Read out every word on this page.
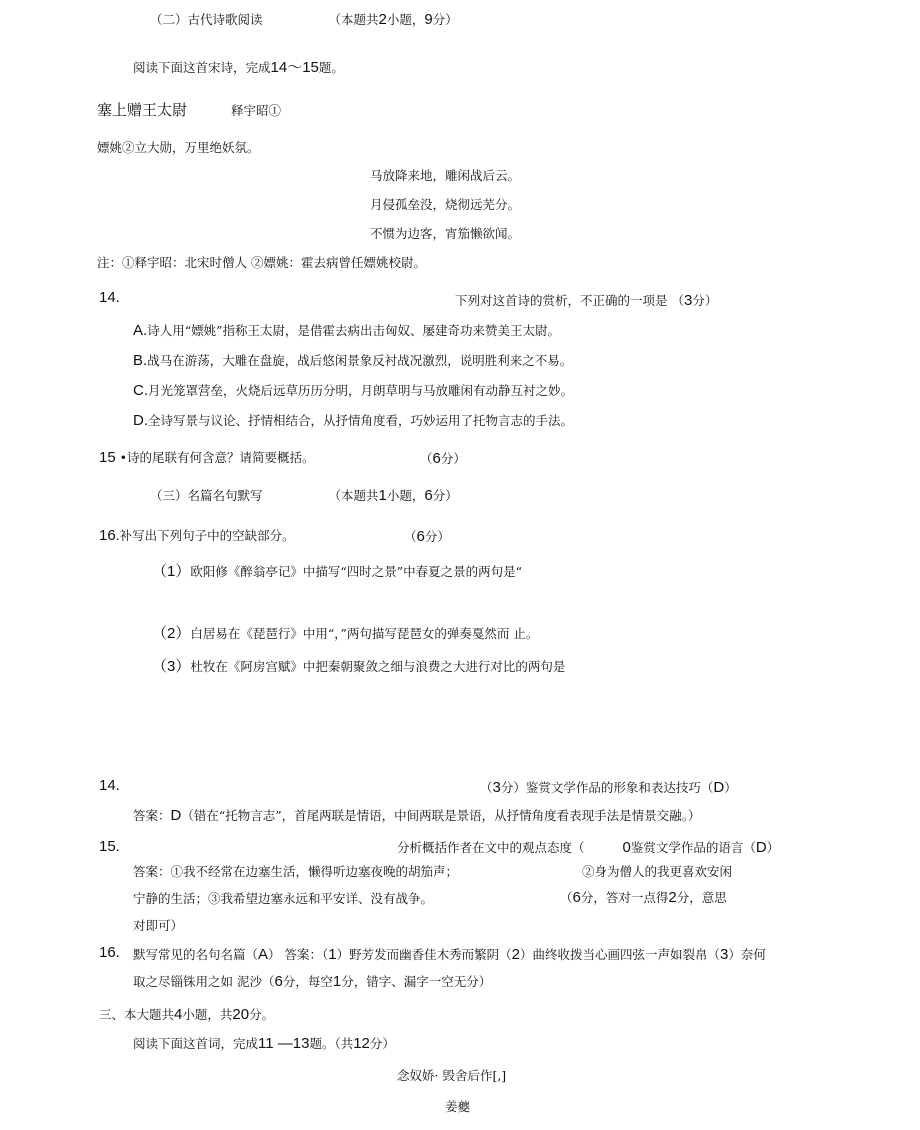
（二）古代诗歌阅读	（本题共2小题，9分）
阅读下面这首宋诗，完成14〜15题。
塞上赠王太尉	释宇昭①
嫖姚②立大勋，万里绝妖氛。
马放降来地，雕闲战后云。
月侵孤垒没，烧彻远芜分。
不惯为边客，宵笳懒欲闻。
注：①释宇昭：北宋时僧人 ②嫖姚：霍去病曾任嫖姚校尉。
14.	下列对这首诗的赏析，不正确的一项是 （3分）
A.诗人用“嫖姚”指称王太尉，是借霍去病出击匈奴、屡建奇功来赞美王太尉。
B.战马在游荡，大雕在盘旋，战后悠闲景象反衬战况激烈，说明胜利来之不易。
C.月光笼罩营垒，火烧后远草历历分明，月朗草明与马放雕闲有动静互衬之妙。
D.全诗写景与议论、抒情相结合，从抒情角度看，巧妙运用了托物言志的手法。
15 •诗的尾联有何含意？请简要概括。	（6分）
（三）名篇名句默写	（本题共1小题，6分）
16.补写出下列句子中的空缺部分。	（6分）
（1）欧阳修《醉翁亭记》中描写“四时之景”中春夏之景的两句是“
（2）白居易在《琵琶行》中用“，”两句描写琵琶女的弹奏戛然而 止。
（3）杜牧在《阿房宫赋》中把秦朝聚敛之细与浪费之大进行对比的两句是
14.	（3分）鉴赏文学作品的形象和表达技巧（D）
答案：D（错在“托物言志”，首尾两联是情语，中间两联是景语，从抒情角度看表现手法是情景交融。）
15.	分析概括作者在文中的观点态度（	0鉴赏文学作品的语言（D）
答案：①我不经常在边塞生活，懒得听边塞夜晚的胡笳声；	②身为僧人的我更喜欢安闲
宁静的生活；③我希望边塞永远和平安详、没有战争。	（6分，答对一点得2分，意思
对即可）
16. 默写常见的名句名篇（A） 答案：（1）野芳发而幽香佳木秀而繁阴（2）曲终收拨当心画四弦一声如裂帛（3）奈何
取之尽锱铢用之如 泥沙（6分，每空1分，错字、漏字一空无分）
三、本大题共4小题，共20分。
阅读下面这首词，完成11 —13题。（共12分）
念奴娇· 毁舍后作[,]
姜夔
